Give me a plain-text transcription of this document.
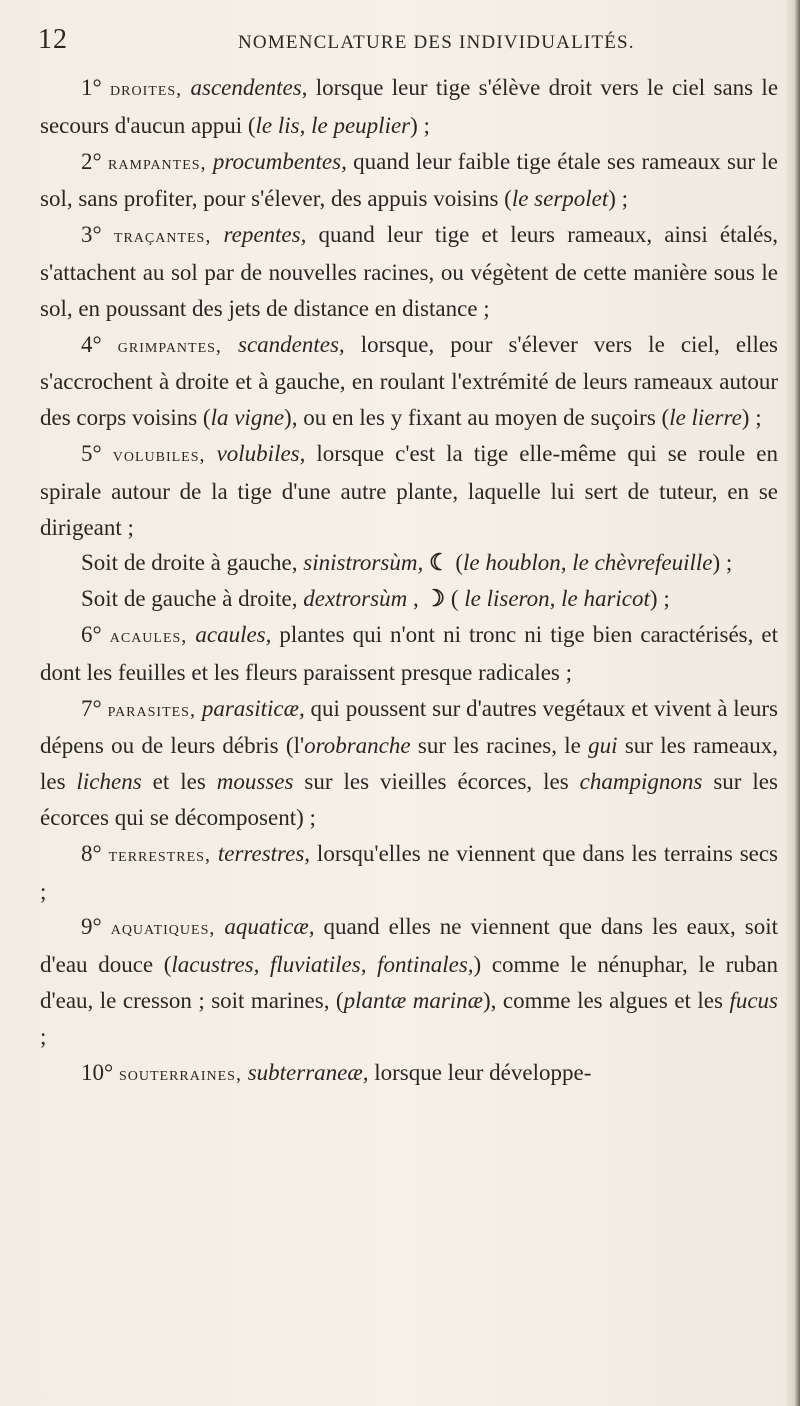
12	NOMENCLATURE DES INDIVIDUALITÉS.

1° droites, ascendentes, lorsque leur tige s'élève droit vers le ciel sans le secours d'aucun appui (le lis, le peuplier) ;

2° rampantes, procumbentes, quand leur faible tige étale ses rameaux sur le sol, sans profiter, pour s'élever, des appuis voisins (le serpolet) ;

3° traçantes, repentes, quand leur tige et leurs rameaux, ainsi étalés, s'attachent au sol par de nouvelles racines, ou végètent de cette manière sous le sol, en poussant des jets de distance en distance ;

4° grimpantes, scandentes, lorsque, pour s'élever vers le ciel, elles s'accrochent à droite et à gauche, en roulant l'extrémité de leurs rameaux autour des corps voisins (la vigne), ou en les y fixant au moyen de suçoirs (le lierre) ;

5° volubiles, volubiles, lorsque c'est la tige elle-même qui se roule en spirale autour de la tige d'une autre plante, laquelle lui sert de tuteur, en se dirigeant ;

Soit de droite à gauche, sinistrorsùm, ☾ (le houblon, le chèvrefeuille) ;

Soit de gauche à droite, dextrorsùm , ☽ ( le liseron, le haricot) ;

6° acaules, acaules, plantes qui n'ont ni tronc ni tige bien caractérisés, et dont les feuilles et les fleurs paraissent presque radicales ;

7° parasites, parasiticæ, qui poussent sur d'autres vegétaux et vivent à leurs dépens ou de leurs débris (l'orobranche sur les racines, le gui sur les rameaux, les lichens et les mousses sur les vieilles écorces, les champignons sur les écorces qui se décomposent) ;

8° terrestres, terrestres, lorsqu'elles ne viennent que dans les terrains secs ;

9° aquatiques, aquaticæ, quand elles ne viennent que dans les eaux, soit d'eau douce (lacustres, fluviatiles, fontinales,) comme le nénuphar, le ruban d'eau, le cresson ; soit marines, (plantæ marinæ), comme les algues et les fucus ;

10° souterraines, subterraneæ, lorsque leur développe-
